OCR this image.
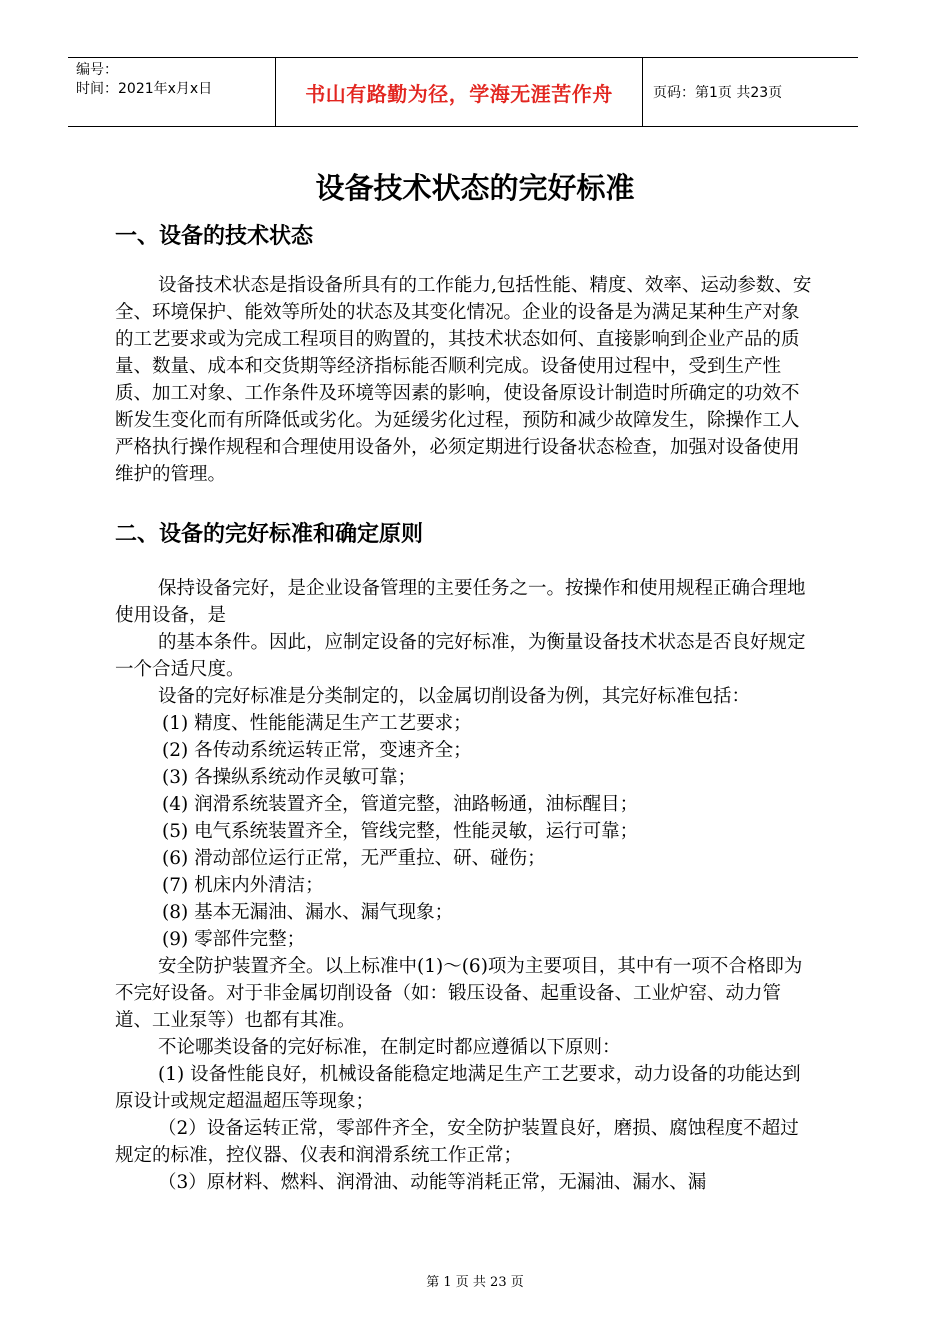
编号：
时间：2021年x月x日	书山有路勤为径，学海无涯苦作舟	页码：第1页 共23页
设备技术状态的完好标准
一、设备的技术状态

设备技术状态是指设备所具有的工作能力,包括性能、精度、效率、运动参数、安全、环境保护、能效等所处的状态及其变化情况。企业的设备是为满足某种生产对象的工艺要求或为完成工程项目的购置的，其技术状态如何、直接影响到企业产品的质量、数量、成本和交货期等经济指标能否顺利完成。设备使用过程中，受到生产性质、加工对象、工作条件及环境等因素的影响，使设备原设计制造时所确定的功效不断发生变化而有所降低或劣化。为延缓劣化过程，预防和减少故障发生，除操作工人严格执行操作规程和合理使用设备外，必须定期进行设备状态检查，加强对设备使用维护的管理。

二、设备的完好标准和确定原则

保持设备完好，是企业设备管理的主要任务之一。按操作和使用规程正确合理地使用设备，是

的基本条件。因此，应制定设备的完好标准，为衡量设备技术状态是否良好规定一个合适尺度。

设备的完好标准是分类制定的，以金属切削设备为例，其完好标准包括：

(1) 精度、性能能满足生产工艺要求；

(2) 各传动系统运转正常，变速齐全；

(3) 各操纵系统动作灵敏可靠；

(4) 润滑系统装置齐全，管道完整，油路畅通，油标醒目；

(5) 电气系统装置齐全，管线完整，性能灵敏，运行可靠；

(6) 滑动部位运行正常，无严重拉、研、碰伤；

(7) 机床内外清洁；

(8) 基本无漏油、漏水、漏气现象；

(9) 零部件完整；

安全防护装置齐全。以上标准中(1)～(6)项为主要项目，其中有一项不合格即为不完好设备。对于非金属切削设备（如：锻压设备、起重设备、工业炉窑、动力管道、工业泵等）也都有其准。

不论哪类设备的完好标准，在制定时都应遵循以下原则：

(1) 设备性能良好，机械设备能稳定地满足生产工艺要求，动力设备的功能达到原设计或规定超温超压等现象；

（2）设备运转正常，零部件齐全，安全防护装置良好，磨损、腐蚀程度不超过规定的标准，控仪器、仪表和润滑系统工作正常；

（3）原材料、燃料、润滑油、动能等消耗正常，无漏油、漏水、漏

第 1 页 共 23 页
